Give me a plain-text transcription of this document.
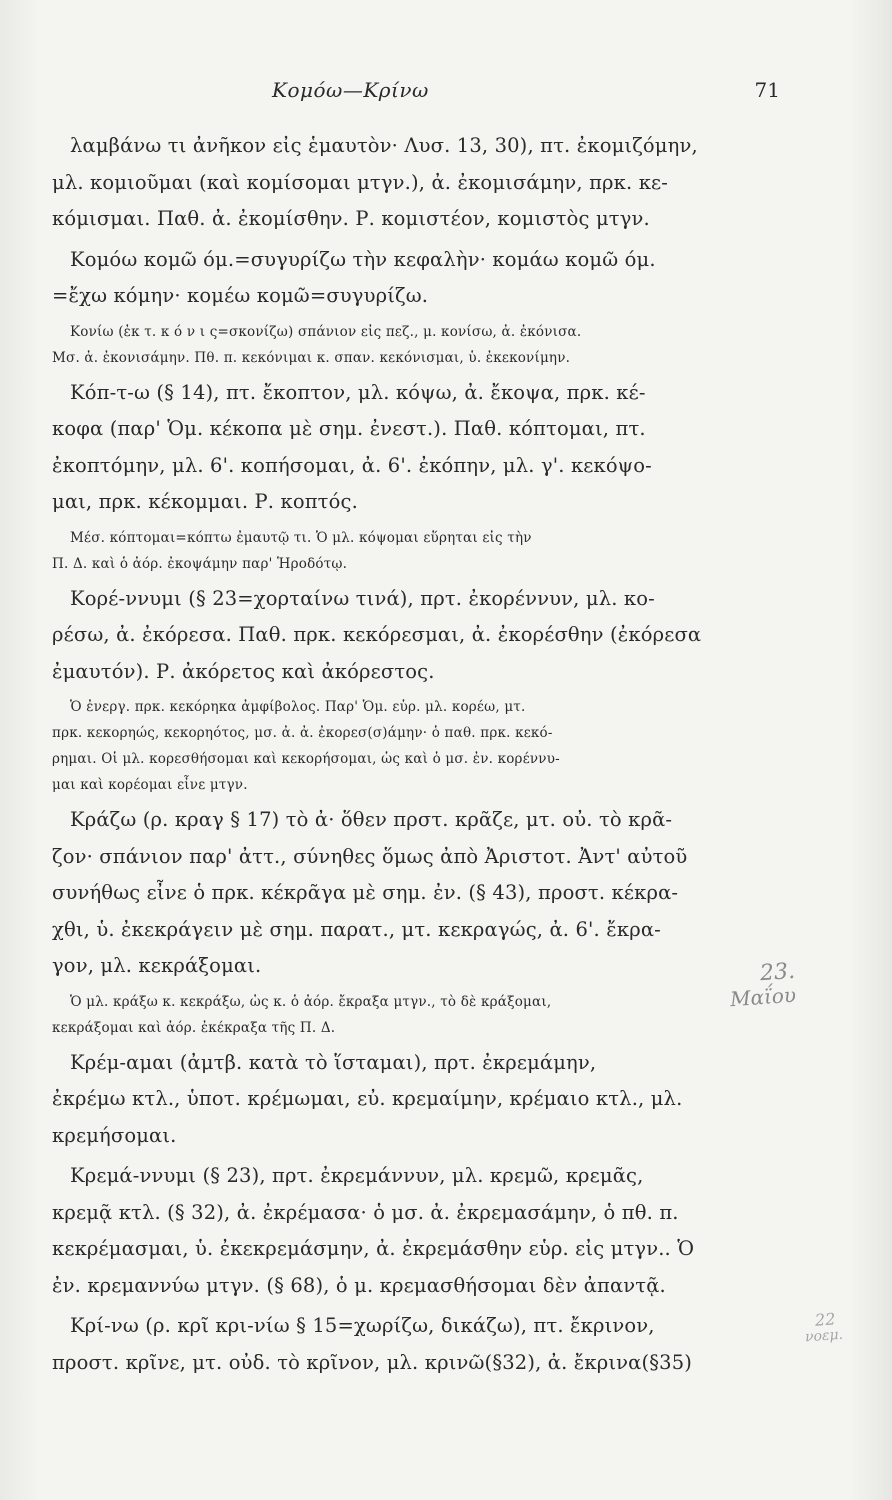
Κομόω—Κρίνω	71
λαμβάνω τι ἀνῆκον εἰς ἑμαυτὸν· Λυσ. 13, 30), πτ. ἐκομιζόμην,
μλ. κομιοῦμαι (καὶ κομίσομαι μτγν.), ἀ. ἐκομισάμην, πρκ. κε-
κόμισμαι. Παθ. ἀ. ἐκομίσθην. Ρ. κομιστέον, κομιστὸς μτγν.
Κομόω κομῶ όμ.=συγυρίζω τὴν κεφαλὴν· κομάω κομῶ όμ.
=ἔχω κόμην· κομέω κομῶ=συγυρίζω.
Κονίω (ἐκ τ. κ ό ν ι ς=σκονίζω) σπάνιον εἰς πεζ., μ. κονίσω, ἀ. ἐκόνισα.
Μσ. ἀ. ἐκονισάμην. Πθ. π. κεκόνιμαι κ. σπαν. κεκόνισμαι, ὑ. ἐκεκονίμην.
Κόπ-τ-ω (§ 14), πτ. ἔκοπτον, μλ. κόψω, ἀ. ἔκοψα, πρκ. κέ-
κοφα (παρ' Ὁμ. κέκοπα μὲ σημ. ἐνεστ.). Παθ. κόπτομαι, πτ.
ἐκοπτόμην, μλ. 6'. κοπήσομαι, ἀ. 6'. ἐκόπην, μλ. γ'. κεκόψο-
μαι, πρκ. κέκομμαι. Ρ. κοπτός.
Μέσ. κόπτομαι=κόπτω ἐμαυτῷ τι. Ὁ μλ. κόψομαι εὕρηται εἰς τὴν
Π. Δ. καὶ ὁ ἀόρ. ἐκοψάμην παρ' Ἡροδότῳ.
Κορέ-ννυμι (§ 23=χορταίνω τινά), πρτ. ἐκορέννυν, μλ. κο-
ρέσω, ἀ. ἐκόρεσα. Παθ. πρκ. κεκόρεσμαι, ἀ. ἐκορέσθην (ἐκόρεσα
ἐμαυτόν). Ρ. ἀκόρετος καὶ ἀκόρεστος.
Ὁ ἐνεργ. πρκ. κεκόρηκα ἀμφίβολος. Παρ' Ὁμ. εὑρ. μλ. κορέω, μτ.
πρκ. κεκορηώς, κεκορηότος, μσ. ἀ. ἀ. ἐκορεσ(σ)άμην· ὁ παθ. πρκ. κεκό-
ρημαι. Οἱ μλ. κορεσθήσομαι καὶ κεκορήσομαι, ὡς καὶ ὁ μσ. ἐν. κορέννυ-
μαι καὶ κορέομαι εἶνε μτγν.
Κράζω (ρ. κραγ § 17) τὸ ἀ· ὅθεν πρστ. κρᾶζε, μτ. οὐ. τὸ κρᾶ-
ζον· σπάνιον παρ' ἀττ., σύνηθες ὅμως ἀπὸ Ἀριστοτ. Ἀντ' αὐτοῦ
συνήθως εἶνε ὁ πρκ. κέκρᾶγα μὲ σημ. ἐν. (§ 43), προστ. κέκρα-
χθι, ὑ. ἐκεκράγειν μὲ σημ. παρατ., μτ. κεκραγώς, ἀ. 6'. ἔκρα-
γον, μλ. κεκράξομαι.
Ὁ μλ. κράξω κ. κεκράξω, ὡς κ. ὁ ἀόρ. ἔκραξα μτγν., τὸ δὲ κράξομαι,
κεκράξομαι καὶ ἀόρ. ἐκέκραξα τῆς Π. Δ.
Κρέμ-αμαι (ἀμτβ. κατὰ τὸ ἵσταμαι), πρτ. ἐκρεμάμην,
ἐκρέμω κτλ., ὑποτ. κρέμωμαι, εὐ. κρεμαίμην, κρέμαιο κτλ., μλ.
κρεμήσομαι.
Κρεμά-ννυμι (§ 23), πρτ. ἐκρεμάννυν, μλ. κρεμῶ, κρεμᾶς,
κρεμᾷ κτλ. (§ 32), ἀ. ἐκρέμασα· ὁ μσ. ἀ. ἐκρεμασάμην, ὁ πθ. π.
κεκρέμασμαι, ὑ. ἐκεκρεμάσμην, ἀ. ἐκρεμάσθην εὑρ. εἰς μτγν.. Ὁ
ἐν. κρεμαννύω μτγν. (§ 68), ὁ μ. κρεμασθήσομαι δὲν ἀπαντᾷ.
Κρί-νω (ρ. κρῖ κρι-νίω § 15=χωρίζω, δικάζω), πτ. ἔκρινον,
προστ. κρῖνε, μτ. οὐδ. τὸ κρῖνον, μλ. κρινῶ(§32), ἀ. ἔκρινα(§35)
23.
Μαΐου
22
νοεμ.
